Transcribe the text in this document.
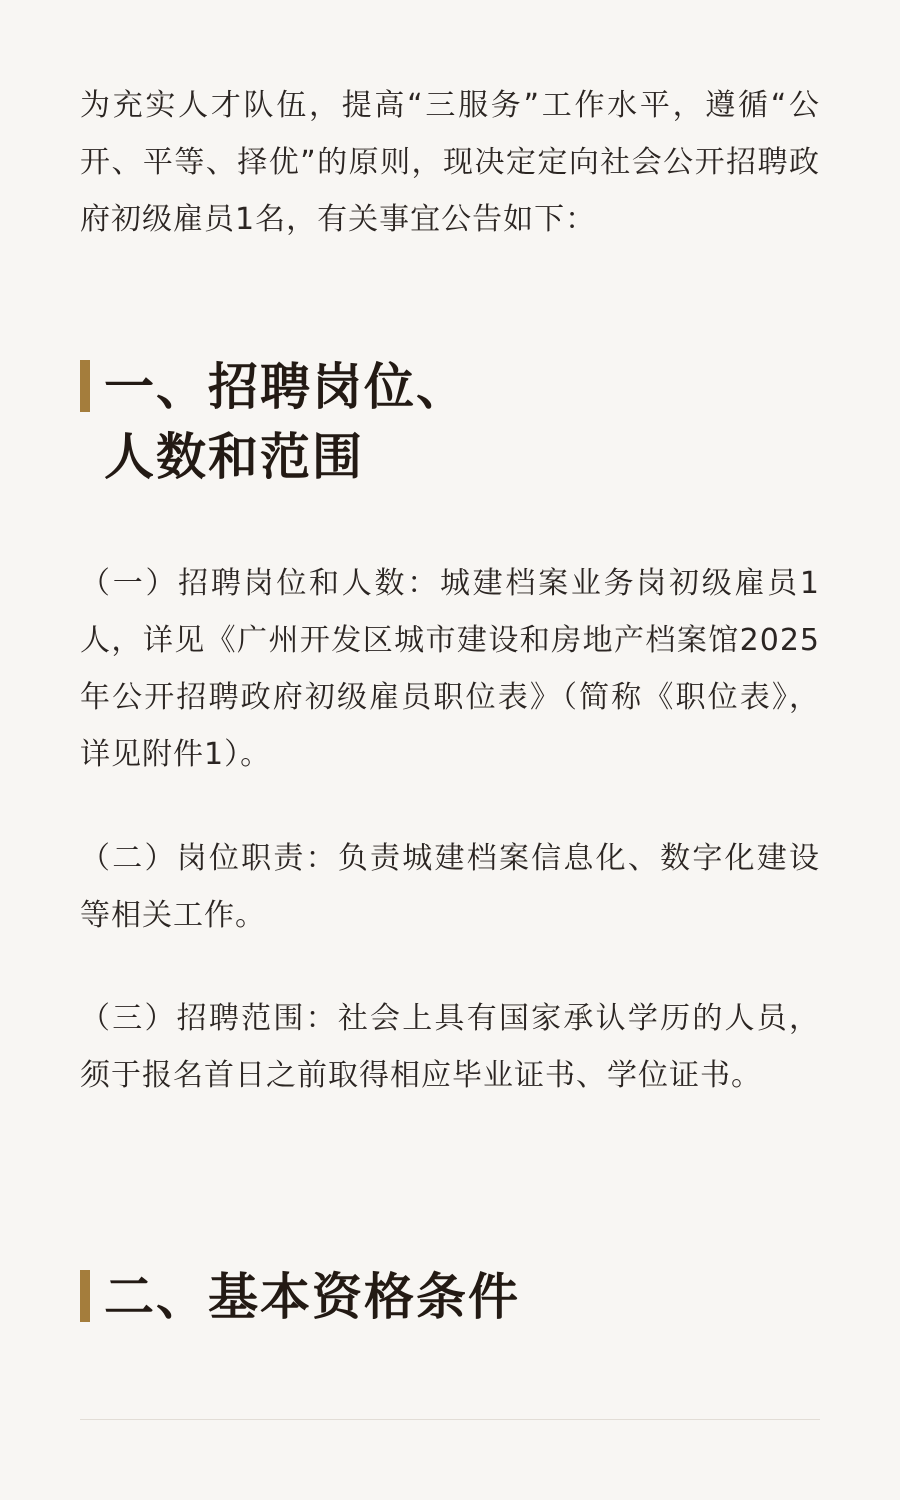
为充实人才队伍，提高“三服务”工作水平，遵循“公开、平等、择优”的原则，现决定定向社会公开招聘政府初级雇员1名，有关事宜公告如下：

一、招聘岗位、
人数和范围

（一）招聘岗位和人数：城建档案业务岗初级雇员1人，详见《广州开发区城市建设和房地产档案馆2025年公开招聘政府初级雇员职位表》（简称《职位表》，详见附件1）。

（二）岗位职责：负责城建档案信息化、数字化建设等相关工作。

（三）招聘范围：社会上具有国家承认学历的人员，须于报名首日之前取得相应毕业证书、学位证书。

二、基本资格条件
